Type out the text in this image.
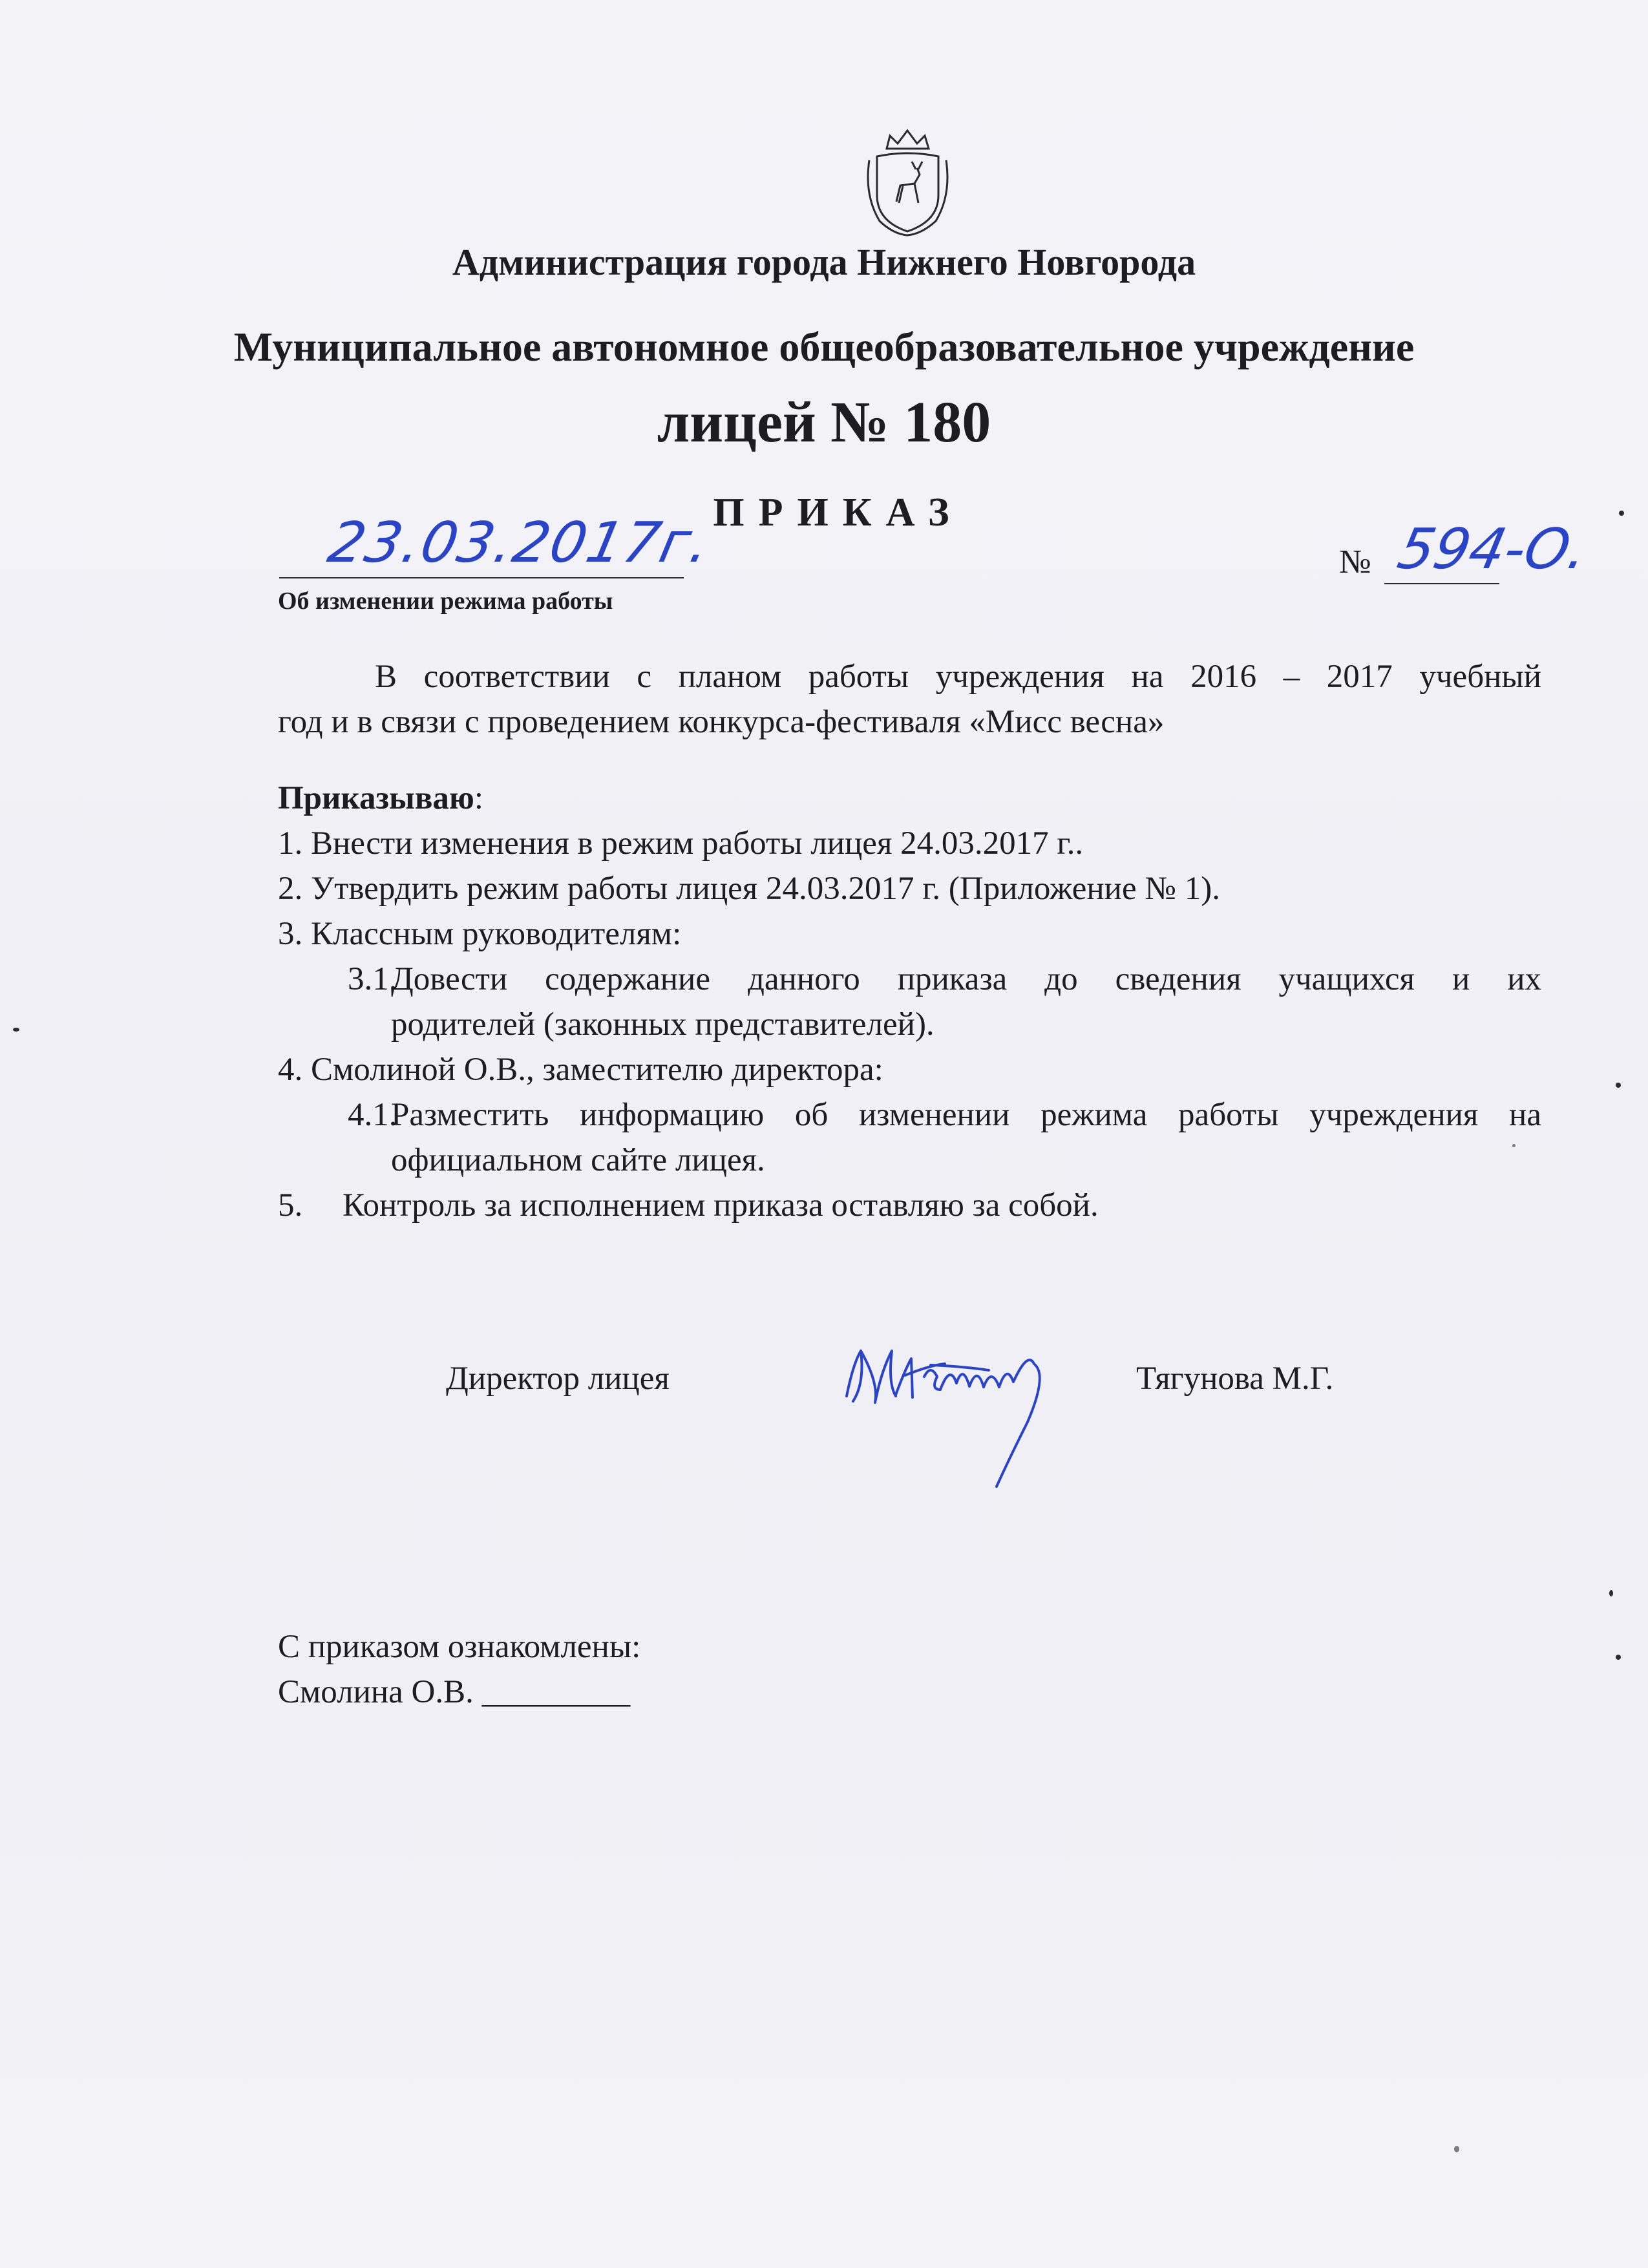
Администрация города Нижнего Новгорода
Муниципальное автономное общеобразовательное учреждение
лицей № 180
ПРИКАЗ
23.03.2017г.	№ 594-О.
Об изменении режима работы
В соответствии с планом работы учреждения на 2016 – 2017 учебный
год и в связи с проведением конкурса-фестиваля «Мисс весна»
Приказываю:
1. Внести изменения в режим работы лицея 24.03.2017 г..
2. Утвердить режим работы лицея 24.03.2017 г. (Приложение № 1).
3. Классным руководителям:
3.1.
Довести содержание данного приказа до сведения учащихся и их
родителей (законных представителей).
4. Смолиной О.В., заместителю директора:
4.1.
Разместить информацию об изменении режима работы учреждения на
официальном сайте лицея.
5. Контроль за исполнением приказа оставляю за собой.
Директор лицея	Тягунова М.Г.
С приказом ознакомлены:
Смолина О.В. _________
